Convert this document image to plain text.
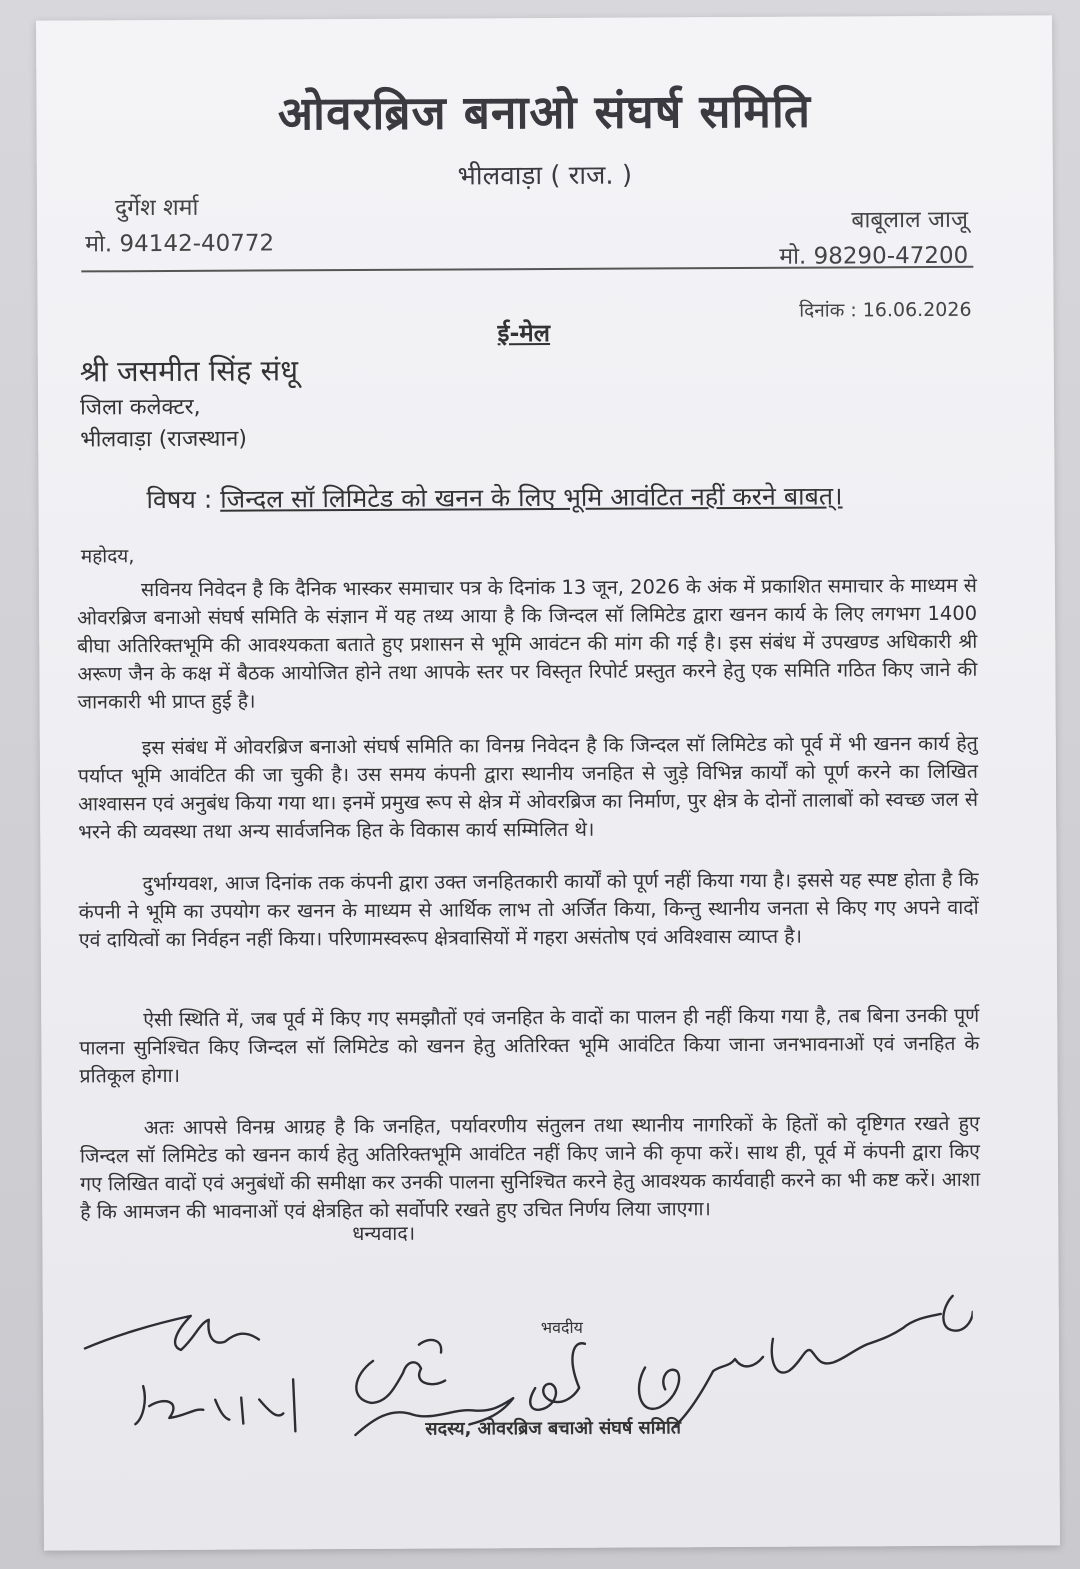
ओवरब्रिज बनाओ संघर्ष समिति
भीलवाड़ा ( राज. )
दुर्गेश शर्मा
मो. 94142-40772
बाबूलाल जाजू
मो. 98290-47200
दिनांक : 16.06.2026
ई-मेल
श्री जसमीत सिंह संधू
जिला कलेक्टर,
भीलवाड़ा (राजस्थान)
विषय : जिन्दल सॉ लिमिटेड को खनन के लिए भूमि आवंटित नहीं करने बाबत्।
महोदय,

सविनय निवेदन है कि दैनिक भास्कर समाचार पत्र के दिनांक 13 जून, 2026 के अंक में प्रकाशित समाचार के माध्यम से ओवरब्रिज बनाओ संघर्ष समिति के संज्ञान में यह तथ्य आया है कि जिन्दल सॉ लिमिटेड द्वारा खनन कार्य के लिए लगभग 1400 बीघा अतिरिक्तभूमि की आवश्यकता बताते हुए प्रशासन से भूमि आवंटन की मांग की गई है। इस संबंध में उपखण्ड अधिकारी श्री अरूण जैन के कक्ष में बैठक आयोजित होने तथा आपके स्तर पर विस्तृत रिपोर्ट प्रस्तुत करने हेतु एक समिति गठित किए जाने की जानकारी भी प्राप्त हुई है।

इस संबंध में ओवरब्रिज बनाओ संघर्ष समिति का विनम्र निवेदन है कि जिन्दल सॉ लिमिटेड को पूर्व में भी खनन कार्य हेतु पर्याप्त भूमि आवंटित की जा चुकी है। उस समय कंपनी द्वारा स्थानीय जनहित से जुड़े विभिन्न कार्यों को पूर्ण करने का लिखित आश्वासन एवं अनुबंध किया गया था। इनमें प्रमुख रूप से क्षेत्र में ओवरब्रिज का निर्माण, पुर क्षेत्र के दोनों तालाबों को स्वच्छ जल से भरने की व्यवस्था तथा अन्य सार्वजनिक हित के विकास कार्य सम्मिलित थे।

दुर्भाग्यवश, आज दिनांक तक कंपनी द्वारा उक्त जनहितकारी कार्यों को पूर्ण नहीं किया गया है। इससे यह स्पष्ट होता है कि कंपनी ने भूमि का उपयोग कर खनन के माध्यम से आर्थिक लाभ तो अर्जित किया, किन्तु स्थानीय जनता से किए गए अपने वादों एवं दायित्वों का निर्वहन नहीं किया। परिणामस्वरूप क्षेत्रवासियों में गहरा असंतोष एवं अविश्वास व्याप्त है।

ऐसी स्थिति में, जब पूर्व में किए गए समझौतों एवं जनहित के वादों का पालन ही नहीं किया गया है, तब बिना उनकी पूर्ण पालना सुनिश्चित किए जिन्दल सॉ लिमिटेड को खनन हेतु अतिरिक्त भूमि आवंटित किया जाना जनभावनाओं एवं जनहित के प्रतिकूल होगा।

अतः आपसे विनम्र आग्रह है कि जनहित, पर्यावरणीय संतुलन तथा स्थानीय नागरिकों के हितों को दृष्टिगत रखते हुए जिन्दल सॉ लिमिटेड को खनन कार्य हेतु अतिरिक्तभूमि आवंटित नहीं किए जाने की कृपा करें। साथ ही, पूर्व में कंपनी द्वारा किए गए लिखित वादों एवं अनुबंधों की समीक्षा कर उनकी पालना सुनिश्चित करने हेतु आवश्यक कार्यवाही करने का भी कष्ट करें। आशा है कि आमजन की भावनाओं एवं क्षेत्रहित को सर्वोपरि रखते हुए उचित निर्णय लिया जाएगा।

धन्यवाद।
भवदीय
सदस्य, ओवरब्रिज बचाओ संघर्ष समिति
